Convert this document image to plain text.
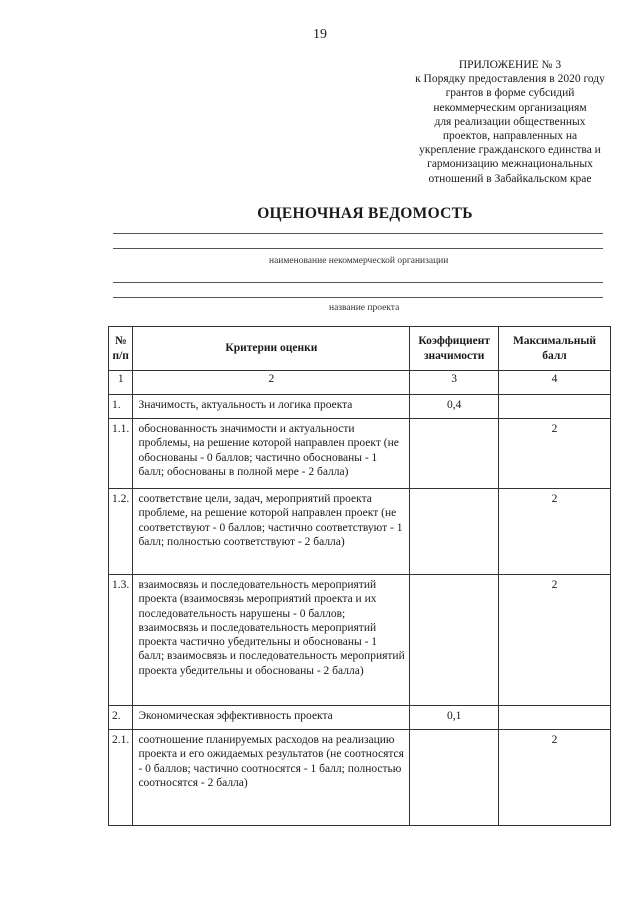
19
ПРИЛОЖЕНИЕ № 3
к Порядку предоставления в 2020 году
грантов в форме субсидий
некоммерческим организациям
для реализации общественных
проектов, направленных на
укрепление гражданского единства и
гармонизацию межнациональных
отношений в Забайкальском крае
ОЦЕНОЧНАЯ ВЕДОМОСТЬ
наименование некоммерческой организации
название проекта
№ п/п	Критерии оценки	Коэффициент значимости	Максимальный балл
1	2	3	4
1.	Значимость, актуальность и логика проекта	0,4	
1.1.	обоснованность значимости и актуальности проблемы, на решение которой направлен проект (не обоснованы - 0 баллов; частично обоснованы - 1 балл; обоснованы в полной мере - 2 балла)		2
1.2.	соответствие цели, задач, мероприятий проекта проблеме, на решение которой направлен проект (не соответствуют - 0 баллов; частично соответствуют - 1 балл; полностью соответствуют - 2 балла)		2
1.3.	взаимосвязь и последовательность мероприятий проекта (взаимосвязь мероприятий проекта и их последовательность нарушены - 0 баллов; взаимосвязь и последовательность мероприятий проекта частично убедительны и обоснованы - 1 балл; взаимосвязь и последовательность мероприятий проекта убедительны и обоснованы - 2 балла)		2
2.	Экономическая эффективность проекта	0,1	
2.1.	соотношение планируемых расходов на реализацию проекта и его ожидаемых результатов (не соотносятся - 0 баллов; частично соотносятся - 1 балл; полностью соотносятся - 2 балла)		2
